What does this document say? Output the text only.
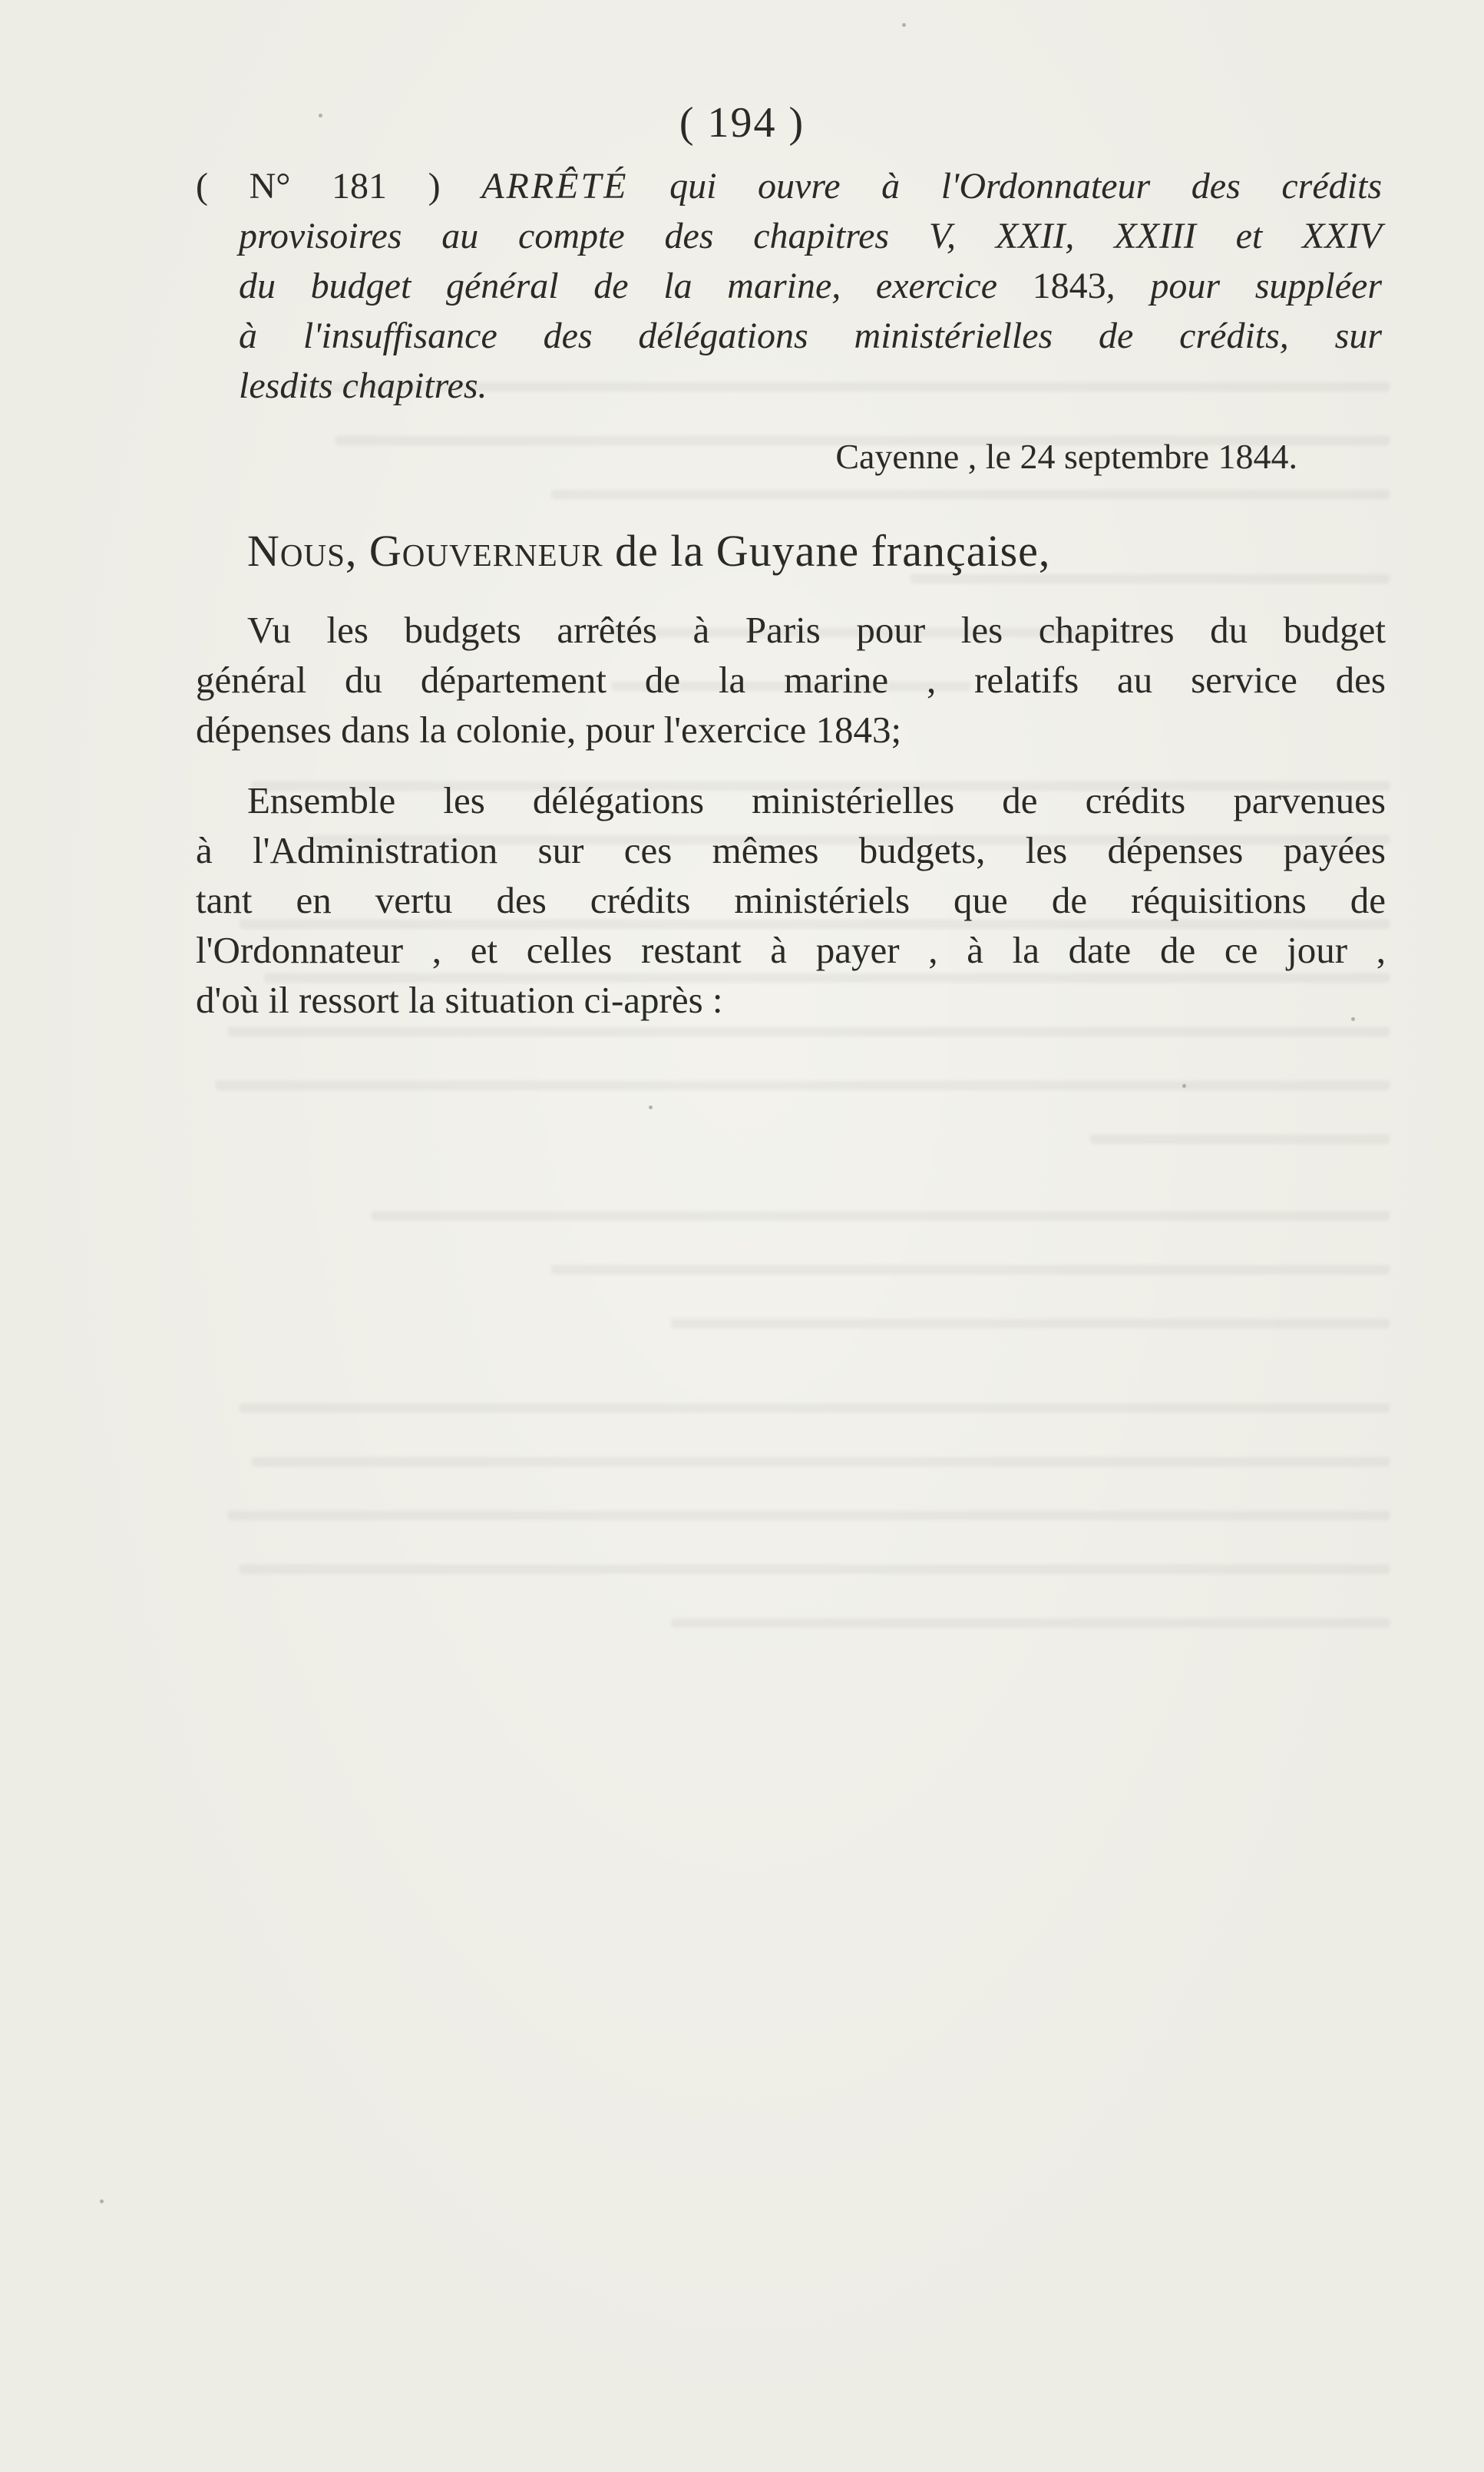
( 194 )
( N° 181 ) ARRÊTÉ qui ouvre à l'Ordonnateur des crédits
provisoires au compte des chapitres V, XXII, XXIII et XXIV
du budget général de la marine, exercice 1843, pour suppléer
à l'insuffisance des délégations ministérielles de crédits, sur
lesdits chapitres.
Cayenne , le 24 septembre 1844.
Nous, Gouverneur de la Guyane française,
Vu les budgets arrêtés à Paris pour les chapitres du budget
général du département de la marine , relatifs au service des
dépenses dans la colonie, pour l'exercice 1843;
Ensemble les délégations ministérielles de crédits parvenues
à l'Administration sur ces mêmes budgets, les dépenses payées
tant en vertu des crédits ministériels que de réquisitions de
l'Ordonnateur , et celles restant à payer , à la date de ce jour ,
d'où il ressort la situation ci-après :
